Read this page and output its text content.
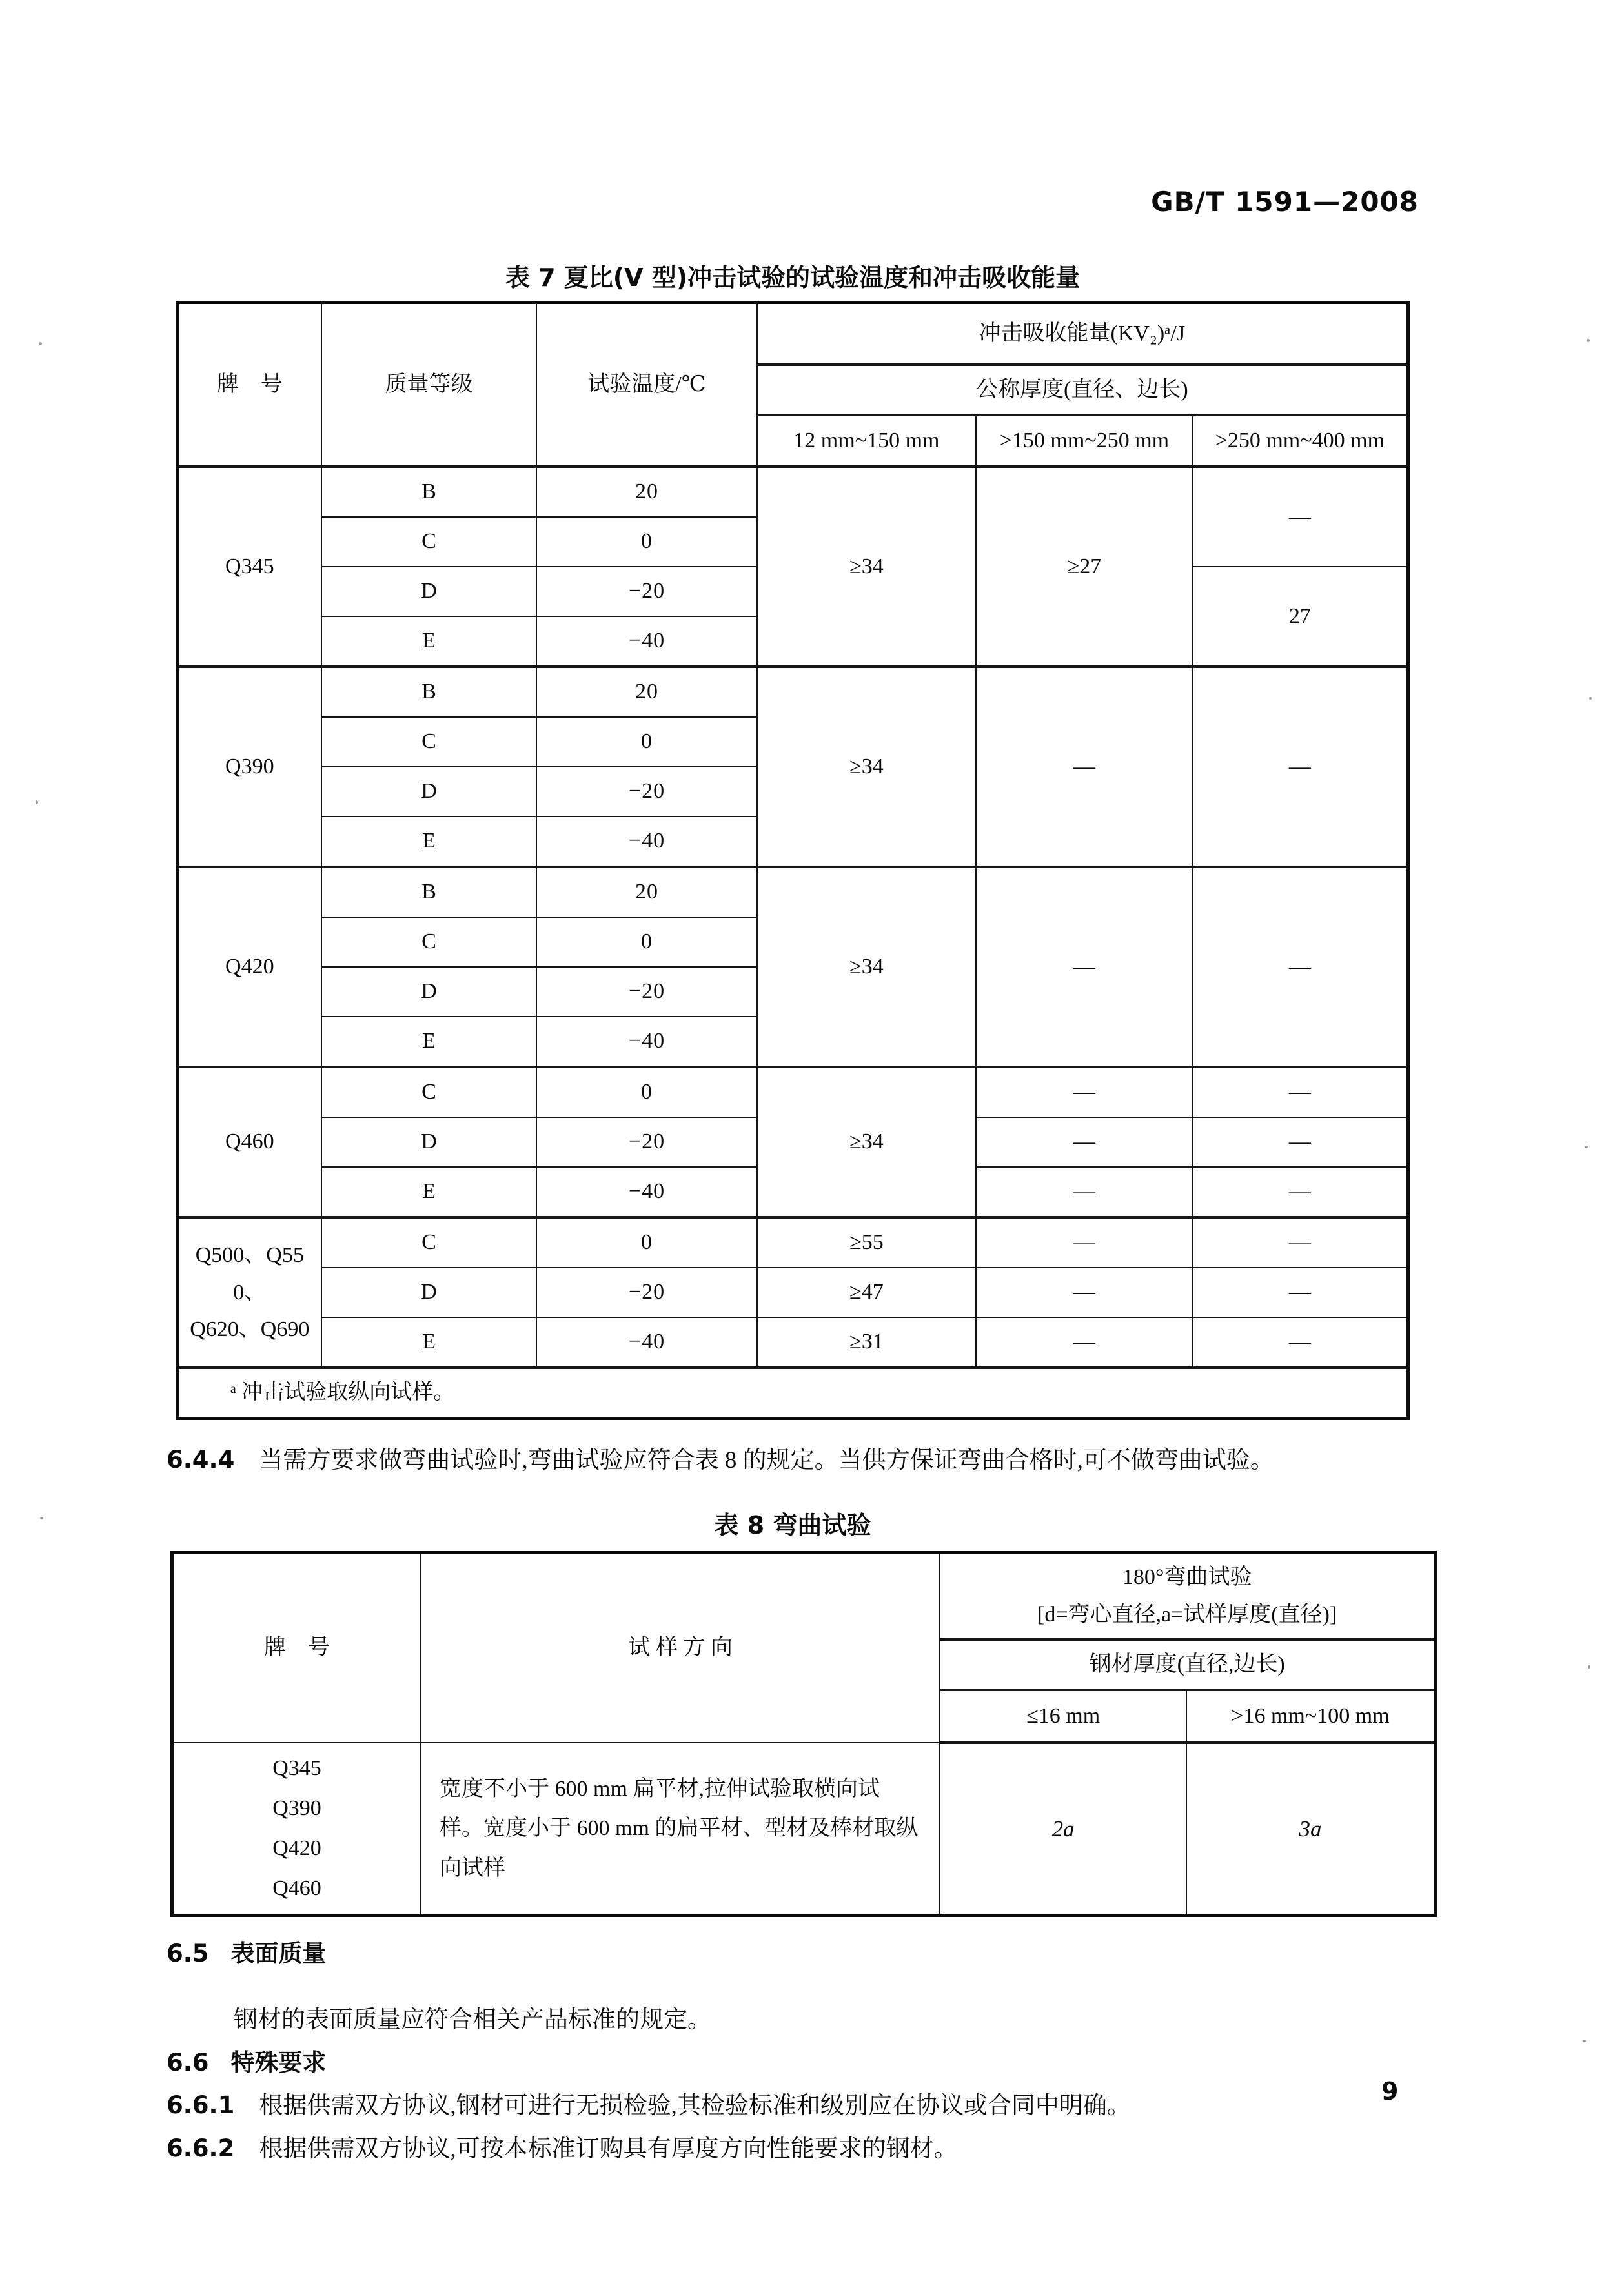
GB/T 1591—2008
表 7 夏比(V 型)冲击试验的试验温度和冲击吸收能量
牌　号	质量等级	试验温度/℃	冲击吸收能量(KV₂)ᵃ/J		
			公称厚度(直径、边长)		
			12 mm~150 mm	>150 mm~250 mm	>250 mm~400 mm
Q345	B	20	≥34	≥27	—
	C	0			
	D	−20			27
	E	−40			
Q390	B	20	≥34	—	—
	C	0			
	D	−20			
	E	−40			
Q420	B	20	≥34	—	—
	C	0			
	D	−20			
	E	−40			
Q460	C	0	≥34	—	—
	D	−20		—	—
	E	−40		—	—

Q500、Q550、
Q620、Q690	C	0	≥55	—	—
	D	−20	≥47	—	—
	E	−40	≥31	—	—
ᵃ 冲击试验取纵向试样。					

6.4.4 当需方要求做弯曲试验时,弯曲试验应符合表 8 的规定。当供方保证弯曲合格时,可不做弯曲试验。

表 8 弯曲试验
牌　号	试 样 方 向	180°弯曲试验
[d=弯心直径,a=试样厚度(直径)]	

		钢材厚度(直径,边长)	
		≤16 mm	>16 mm~100 mm

Q345
Q390
Q420
Q460	宽度不小于 600 mm 扁平材,拉伸试验取横向试样。宽度小于 600 mm 的扁平材、型材及棒材取纵向试样	2a	3a

6.5 表面质量

钢材的表面质量应符合相关产品标准的规定。

6.6 特殊要求

6.6.1 根据供需双方协议,钢材可进行无损检验,其检验标准和级别应在协议或合同中明确。

6.6.2 根据供需双方协议,可按本标准订购具有厚度方向性能要求的钢材。

9
